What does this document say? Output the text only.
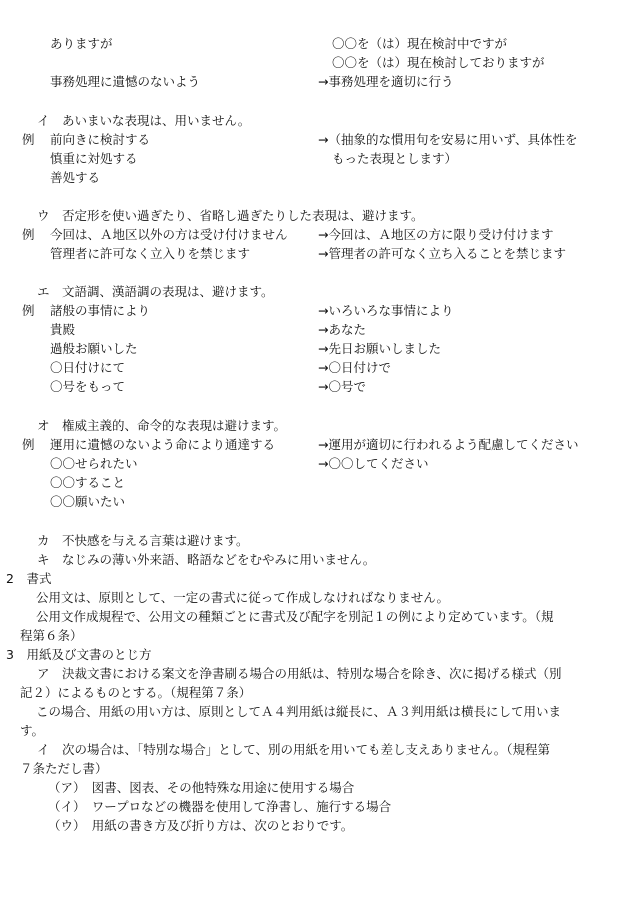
ありますが	〇〇を（は）現在検討中ですが
〇〇を（は）現在検討しておりますが
事務処理に遺憾のないよう	→事務処理を適切に行う
イ　あいまいな表現は、用いません。
例 前向きに検討する	→（抽象的な慣用句を安易に用いず、具体性を
慎重に対処する	もった表現とします）
善処する
ウ　否定形を使い過ぎたり、省略し過ぎたりした表現は、避けます。
例 今回は、Ａ地区以外の方は受け付けません →今回は、Ａ地区の方に限り受け付けます
管理者に許可なく立入りを禁じます	→管理者の許可なく立ち入ることを禁じます
エ　文語調、漢語調の表現は、避けます。
例 諸般の事情により	→いろいろな事情により
貴殿	→あなた
過般お願いした	→先日お願いしました
〇日付けにて	→〇日付けで
〇号をもって	→〇号で
オ　権威主義的、命令的な表現は避けます。
例 運用に遺憾のないよう命により通達する	→運用が適切に行われるよう配慮してください
〇〇せられたい	→〇〇してください
〇〇すること
〇〇願いたい
カ　不快感を与える言葉は避けます。
キ　なじみの薄い外来語、略語などをむやみに用いません。
2　書式
公用文は、原則として、一定の書式に従って作成しなければなりません。
公用文作成規程で、公用文の種類ごとに書式及び配字を別記１の例により定めています。（規
程第６条）
3　用紙及び文書のとじ方
ア　決裁文書における案文を浄書刷る場合の用紙は、特別な場合を除き、次に掲げる様式（別
記２）によるものとする。（規程第７条）
この場合、用紙の用い方は、原則としてＡ４判用紙は縦長に、Ａ３判用紙は横長にして用いま
す。
イ　次の場合は、「特別な場合」として、別の用紙を用いても差し支えありません。（規程第
７条ただし書）
（ア）　図書、図表、その他特殊な用途に使用する場合
（イ）　ワープロなどの機器を使用して浄書し、施行する場合
（ウ）　用紙の書き方及び折り方は、次のとおりです。
